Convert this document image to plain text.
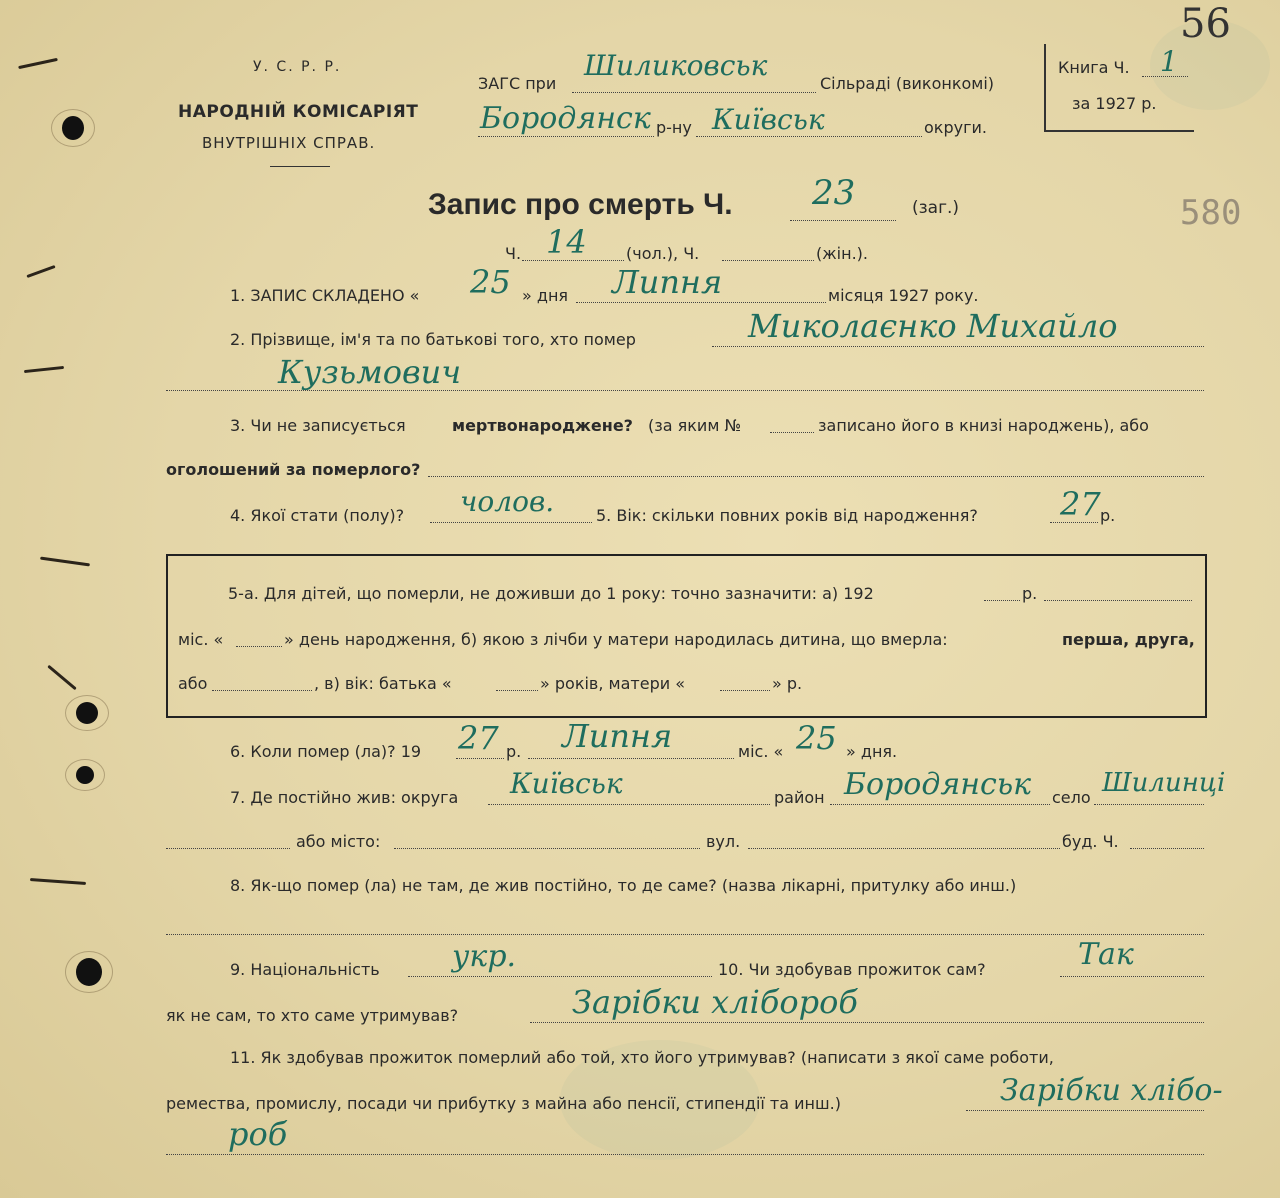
У. С. Р. Р.
НАРОДНІЙ КОМІСАРІЯТ
ВНУТРІШНІХ СПРАВ.
ЗАГС при
Шиликовськ
Сільраді (виконкомі)
Бородянск р-ну Київськ	округи.
Книга Ч. 1
за 1927 р.
56
580
Запис про смерть Ч. 23	(заг.)
Ч. 14 (чол.), Ч.	(жін.).
1. ЗАПИС СКЛАДЕНО « 25 » дня Липня	місяця 1927 року.
2. Прізвище, ім'я та по батькові того, хто помер	Миколаєнко Михайло
Кузьмович
3. Чи не записується	мертвонароджене? (за яким №	записано його в книзі народжень), або
оголошений за померлого?
4. Якої стати (полу)? чолов.	5. Вік: скільки повних років від народження?	27 р.
5-а. Для дітей, що померли, не доживши до 1 року: точно зазначити: а) 192	р.
міс. «	» день народження, б) якою з лічби у матери народилась дитина, що вмерла:	перша, друга,
або	, в) вік: батька «	» років, матери «	» р.
6. Коли помер (ла)? 19 27 р. Липня	міс. « 25 » дня.
7. Де постійно жив: округа Київськ	район Бородянськ село Шилинці
або місто:	вул.	буд. Ч.
8. Як-що помер (ла) не там, де жив постійно, то де саме? (назва лікарні, притулку або инш.)
9. Національність укр.	10. Чи здобував прожиток сам?	Так
як не сам, то хто саме утримував?	Зарібки хлібороб
11. Як здобував прожиток померлий або той, хто його утримував? (написати з якої саме роботи,
ремества, промислу, посади чи прибутку з майна або пенсії, стипендії та инш.)	Зарібки хлібо-
роб
